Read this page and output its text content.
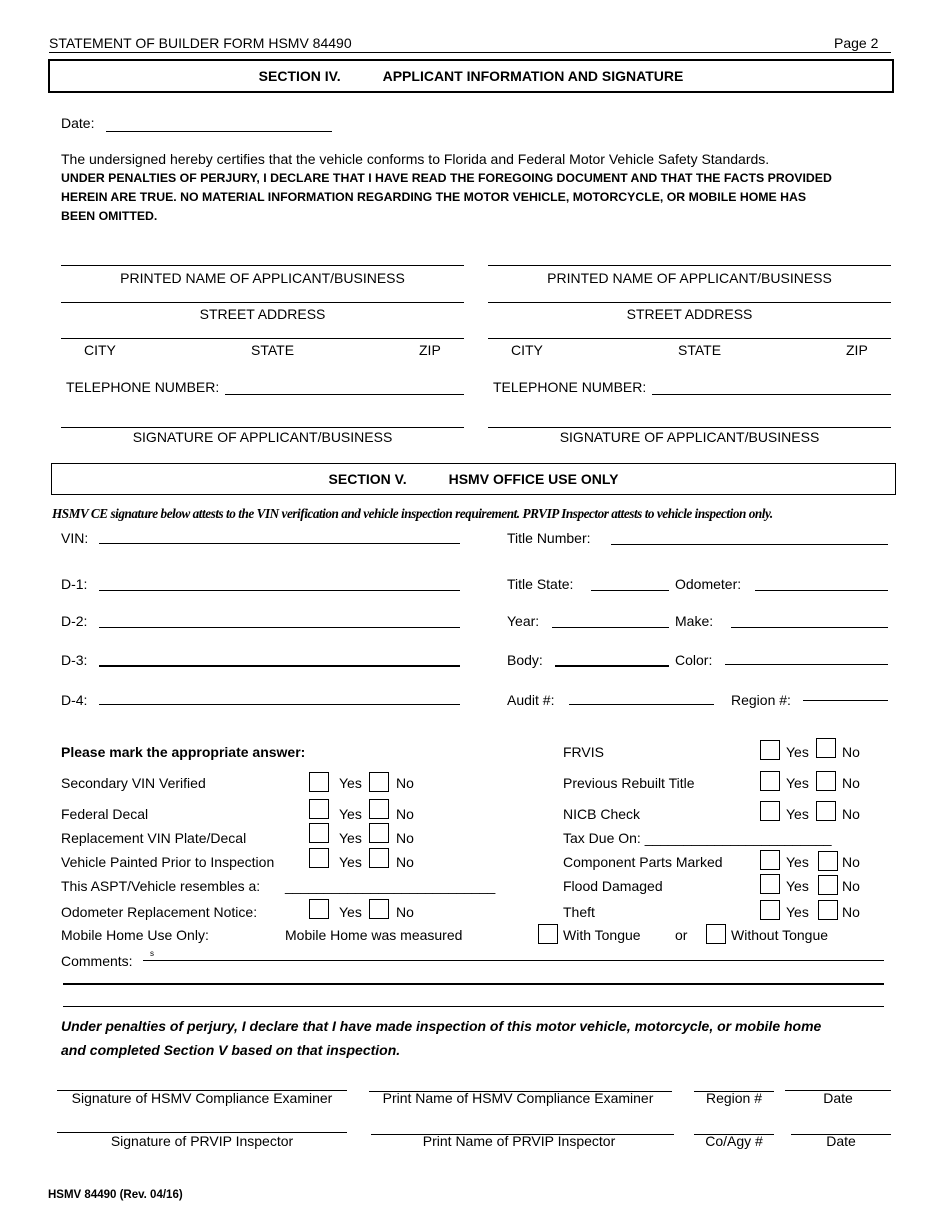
STATEMENT OF BUILDER FORM HSMV 84490	Page 2
SECTION IV.	APPLICANT INFORMATION AND SIGNATURE
Date:
The undersigned hereby certifies that the vehicle conforms to Florida and Federal Motor Vehicle Safety Standards.
UNDER PENALTIES OF PERJURY, I DECLARE THAT I HAVE READ THE FOREGOING DOCUMENT AND THAT THE FACTS PROVIDED
HEREIN ARE TRUE. NO MATERIAL INFORMATION REGARDING THE MOTOR VEHICLE, MOTORCYCLE, OR MOBILE HOME HAS
BEEN OMITTED.
PRINTED NAME OF APPLICANT/BUSINESS
STREET ADDRESS
CITY	STATE	ZIP
TELEPHONE NUMBER:
SIGNATURE OF APPLICANT/BUSINESS
PRINTED NAME OF APPLICANT/BUSINESS
STREET ADDRESS
CITY	STATE	ZIP
TELEPHONE NUMBER:
SIGNATURE OF APPLICANT/BUSINESS
SECTION V.	HSMV OFFICE USE ONLY
HSMV CE signature below attests to the VIN verification and vehicle inspection requirement. PRVIP Inspector attests to vehicle inspection only.
VIN:
D-1:
D-2:
D-3:
D-4:
Title Number:
Title State:	Odometer:
Year:	Make:
Body:	Color:
Audit #:	Region #:
Please mark the appropriate answer:
Secondary VIN Verified	Yes No
Federal Decal	Yes No
Replacement VIN Plate/Decal	Yes No
Vehicle Painted Prior to Inspection	Yes No
This ASPT/Vehicle resembles a: ___________________________
Odometer Replacement Notice:	Yes No
Mobile Home Use Only:	Mobile Home was measured	With Tongue or	Without Tongue
FRVIS	Yes No
Previous Rebuilt Title	Yes No
NICB Check	Yes No
Tax Due On: ________________________
Component Parts Marked	Yes No
Flood Damaged	Yes No
Theft	Yes No
Comments: s
Under penalties of perjury, I declare that I have made inspection of this motor vehicle, motorcycle, or mobile home
and completed Section V based on that inspection.
Signature of HSMV Compliance Examiner	Print Name of HSMV Compliance Examiner	Region #	Date
Signature of PRVIP Inspector	Print Name of PRVIP Inspector	Co/Agy #	Date
HSMV 84490 (Rev. 04/16)
